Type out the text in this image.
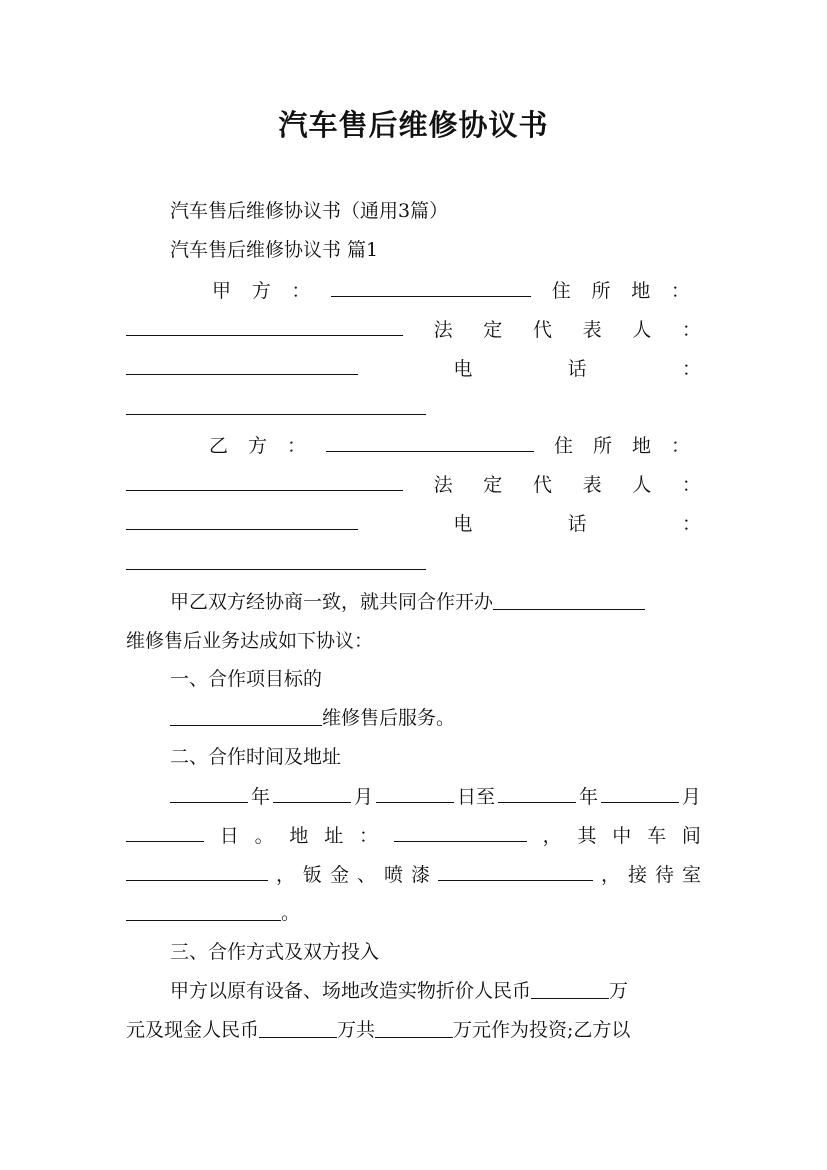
汽车售后维修协议书
汽车售后维修协议书（通用3篇）
汽车售后维修协议书 篇1
甲 方 ：	住 所 地 ：
法 定 代 表 人 ：
电	话	：
乙 方 ：	住 所 地 ：
法 定 代 表 人 ：
电	话	：
甲乙双方经协商一致，就共同合作开办
维修售后业务达成如下协议：
一、合作项目标的
维修售后服务。
二、合作时间及地址
年	月	日至	年	月
日 。 地 址 ：	， 其 中 车 间
， 钣 金 、 喷 漆	， 接 待 室
。
三、合作方式及双方投入
甲方以原有设备、场地改造实物折价人民币	万
元及现金人民币	万共	万元作为投资;乙方以
